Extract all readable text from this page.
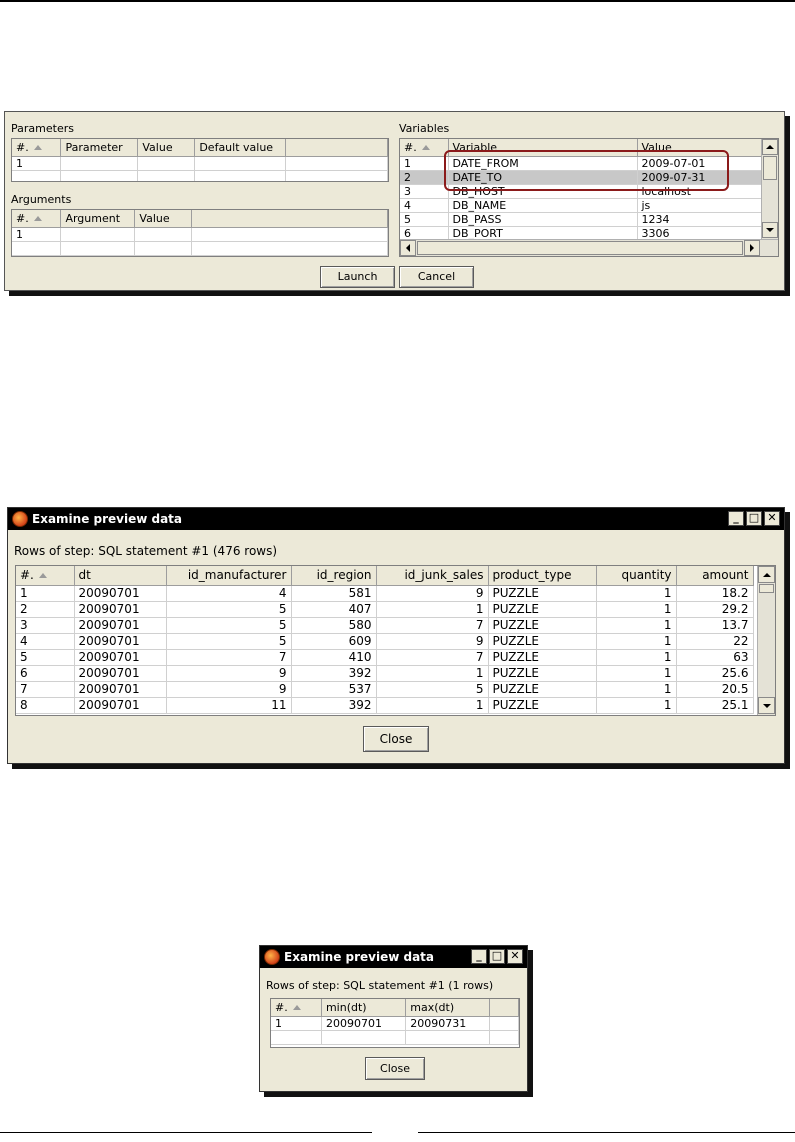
Parameters
#.	Parameter	Value	Default value	
1				

Arguments
#.	Argument	Value	
1			

Variables
#.	Variable	Value
1	DATE_FROM	2009-07-01
2	DATE_TO	2009-07-31
3	DB_HOST	localhost
4	DB_NAME	js
5	DB_PASS	1234
6	DB_PORT	3306
Launch	Cancel
Examine preview data	_ □ ✕
Rows of step: SQL statement #1 (476 rows)
#.	dt	id_manufacturer	id_region	id_junk_sales	product_type	quantity	amount
1	20090701	4	581	9	PUZZLE	1	18.2
2	20090701	5	407	1	PUZZLE	1	29.2
3	20090701	5	580	7	PUZZLE	1	13.7
4	20090701	5	609	9	PUZZLE	1	22
5	20090701	7	410	7	PUZZLE	1	63
6	20090701	9	392	1	PUZZLE	1	25.6
7	20090701	9	537	5	PUZZLE	1	20.5
8	20090701	11	392	1	PUZZLE	1	25.1
Close
Examine preview data	_ □ ✕
Rows of step: SQL statement #1 (1 rows)
#.	min(dt)	max(dt)	
1	20090701	20090731	

Close
